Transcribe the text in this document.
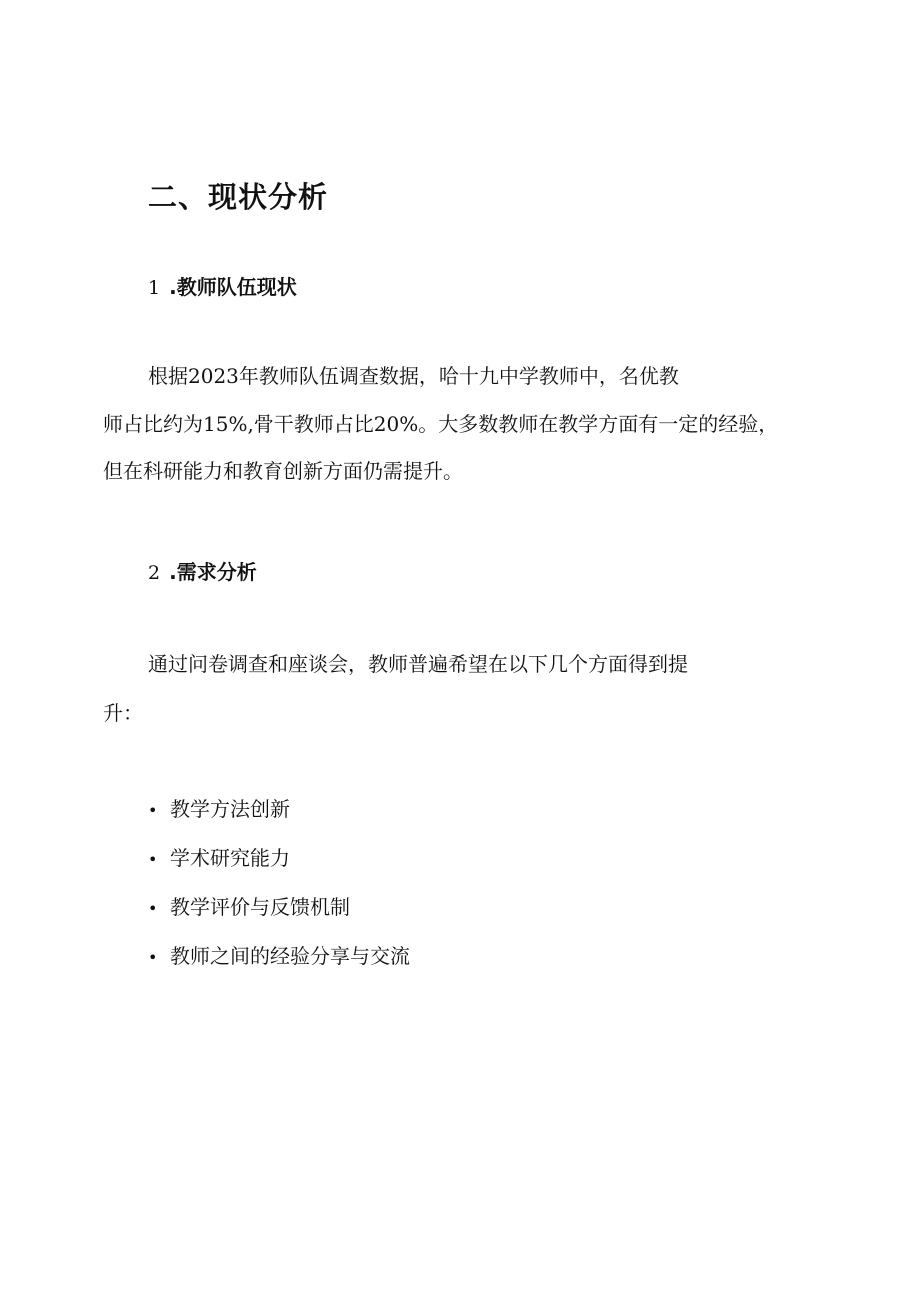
二、现状分析
1.教师队伍现状
根据2023年教师队伍调查数据，哈十九中学教师中，名优教
师占比约为15%,骨干教师占比20%。大多数教师在教学方面有一定的经验，
但在科研能力和教育创新方面仍需提升。
2.需求分析
通过问卷调查和座谈会，教师普遍希望在以下几个方面得到提
升：
• 教学方法创新
• 学术研究能力
• 教学评价与反馈机制
• 教师之间的经验分享与交流
